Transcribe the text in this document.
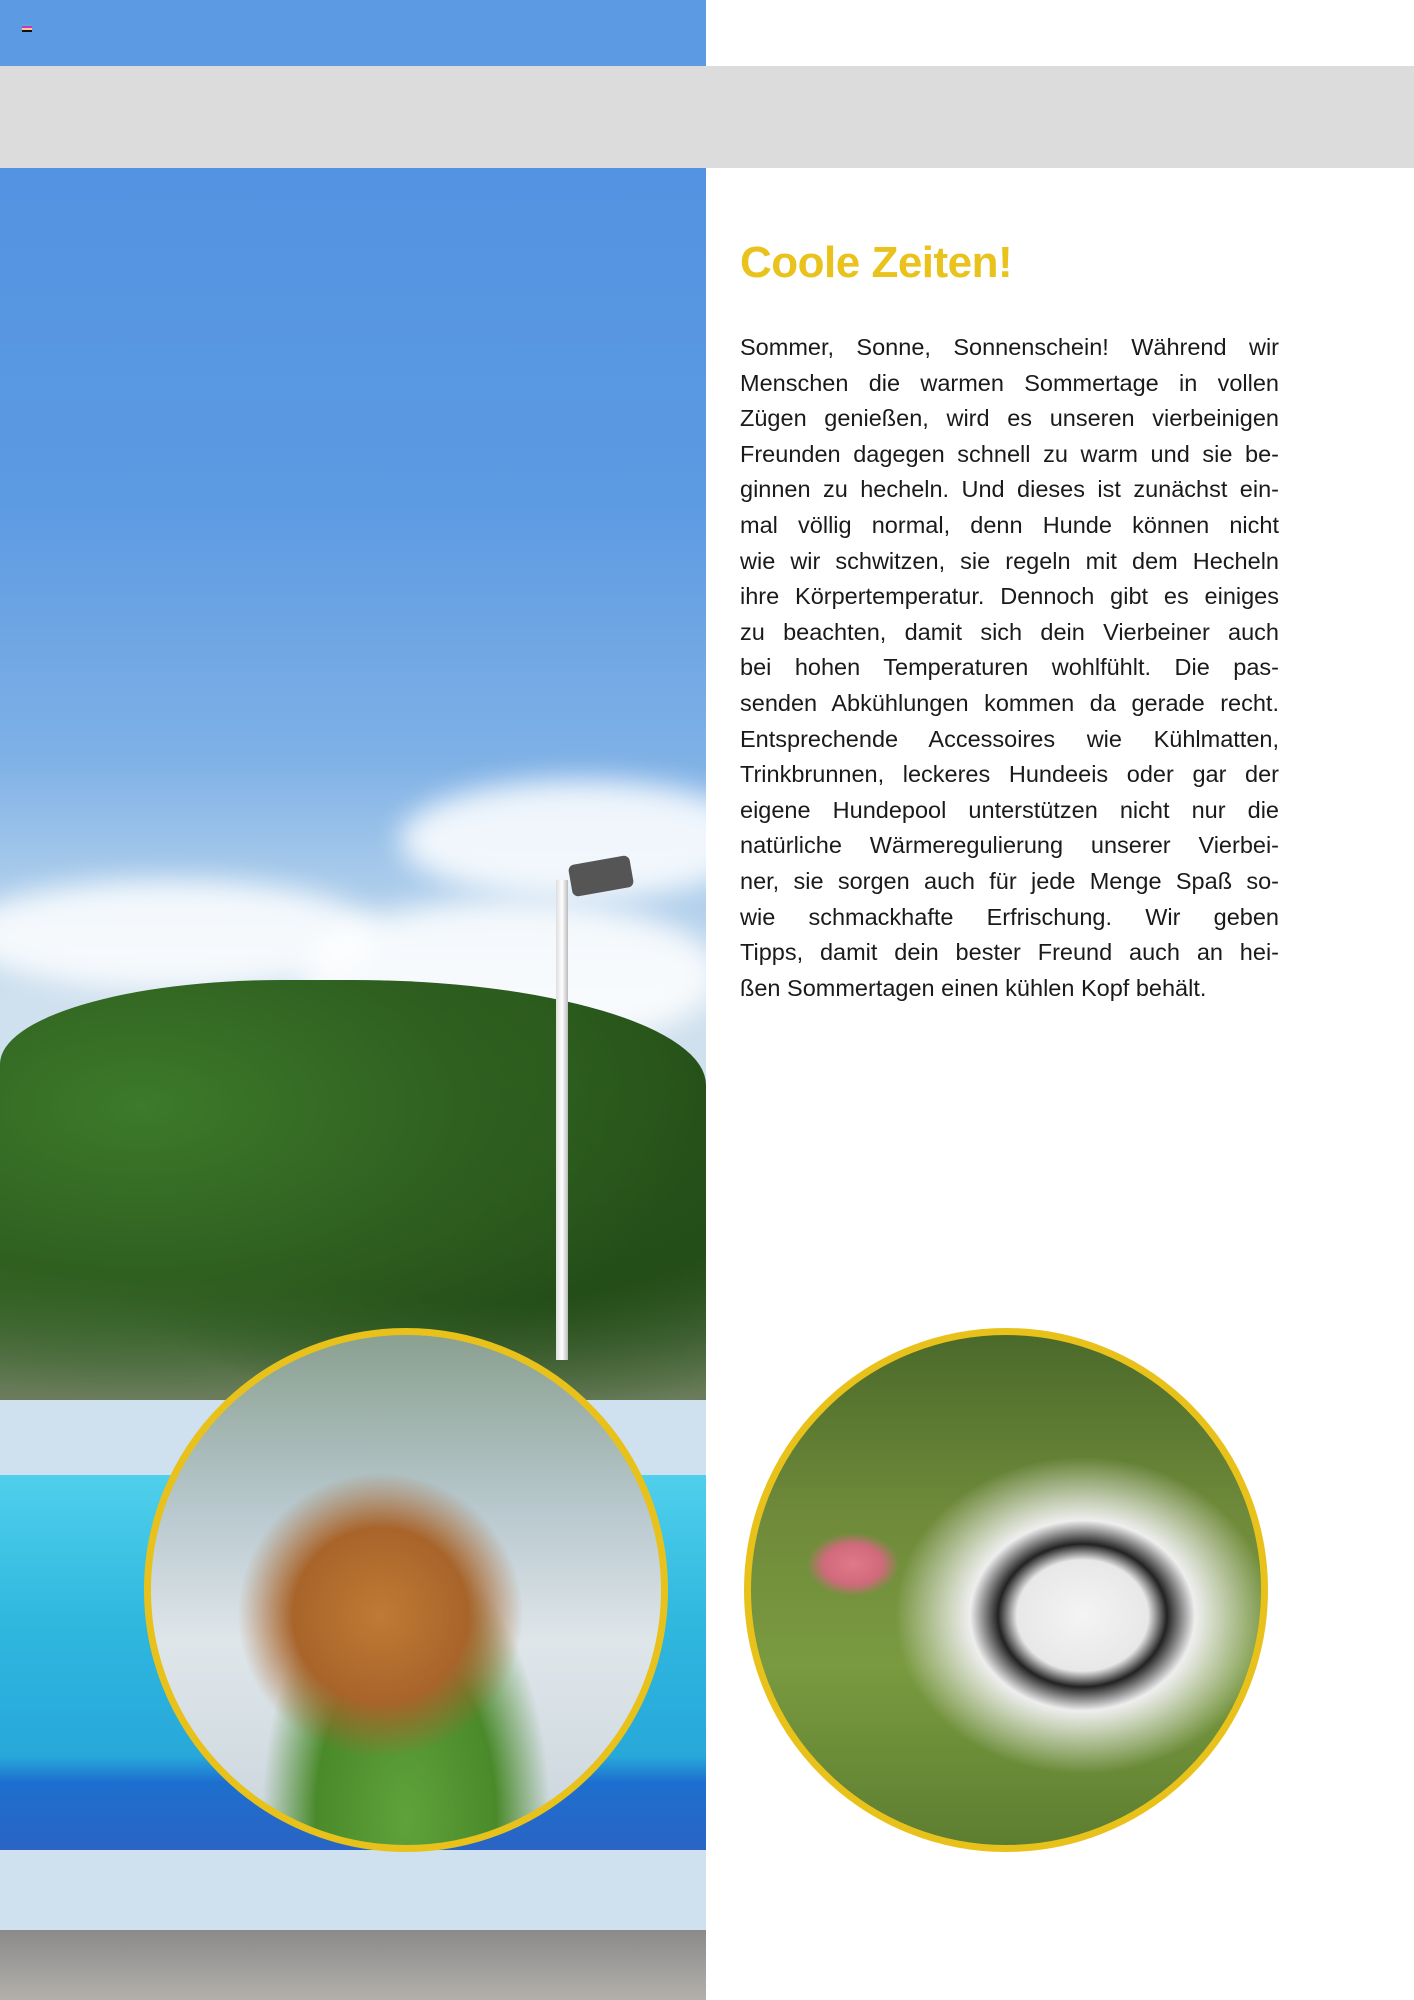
Coole Zeiten!
Sommer, Sonne, Sonnenschein! Während wir
Menschen die warmen Sommertage in vollen
Zügen genießen, wird es unseren vierbeinigen
Freunden dagegen schnell zu warm und sie be-
ginnen zu hecheln. Und dieses ist zunächst ein-
mal völlig normal, denn Hunde können nicht
wie wir schwitzen, sie regeln mit dem Hecheln
ihre Körpertemperatur. Dennoch gibt es einiges
zu beachten, damit sich dein Vierbeiner auch
bei hohen Temperaturen wohlfühlt. Die pas-
senden Abkühlungen kommen da gerade recht.
Entsprechende Accessoires wie Kühlmatten,
Trinkbrunnen, leckeres Hundeeis oder gar der
eigene Hundepool unterstützen nicht nur die
natürliche Wärmeregulierung unserer Vierbei-
ner, sie sorgen auch für jede Menge Spaß so-
wie schmackhafte Erfrischung. Wir geben
Tipps, damit dein bester Freund auch an hei-
ßen Sommertagen einen kühlen Kopf behält.
